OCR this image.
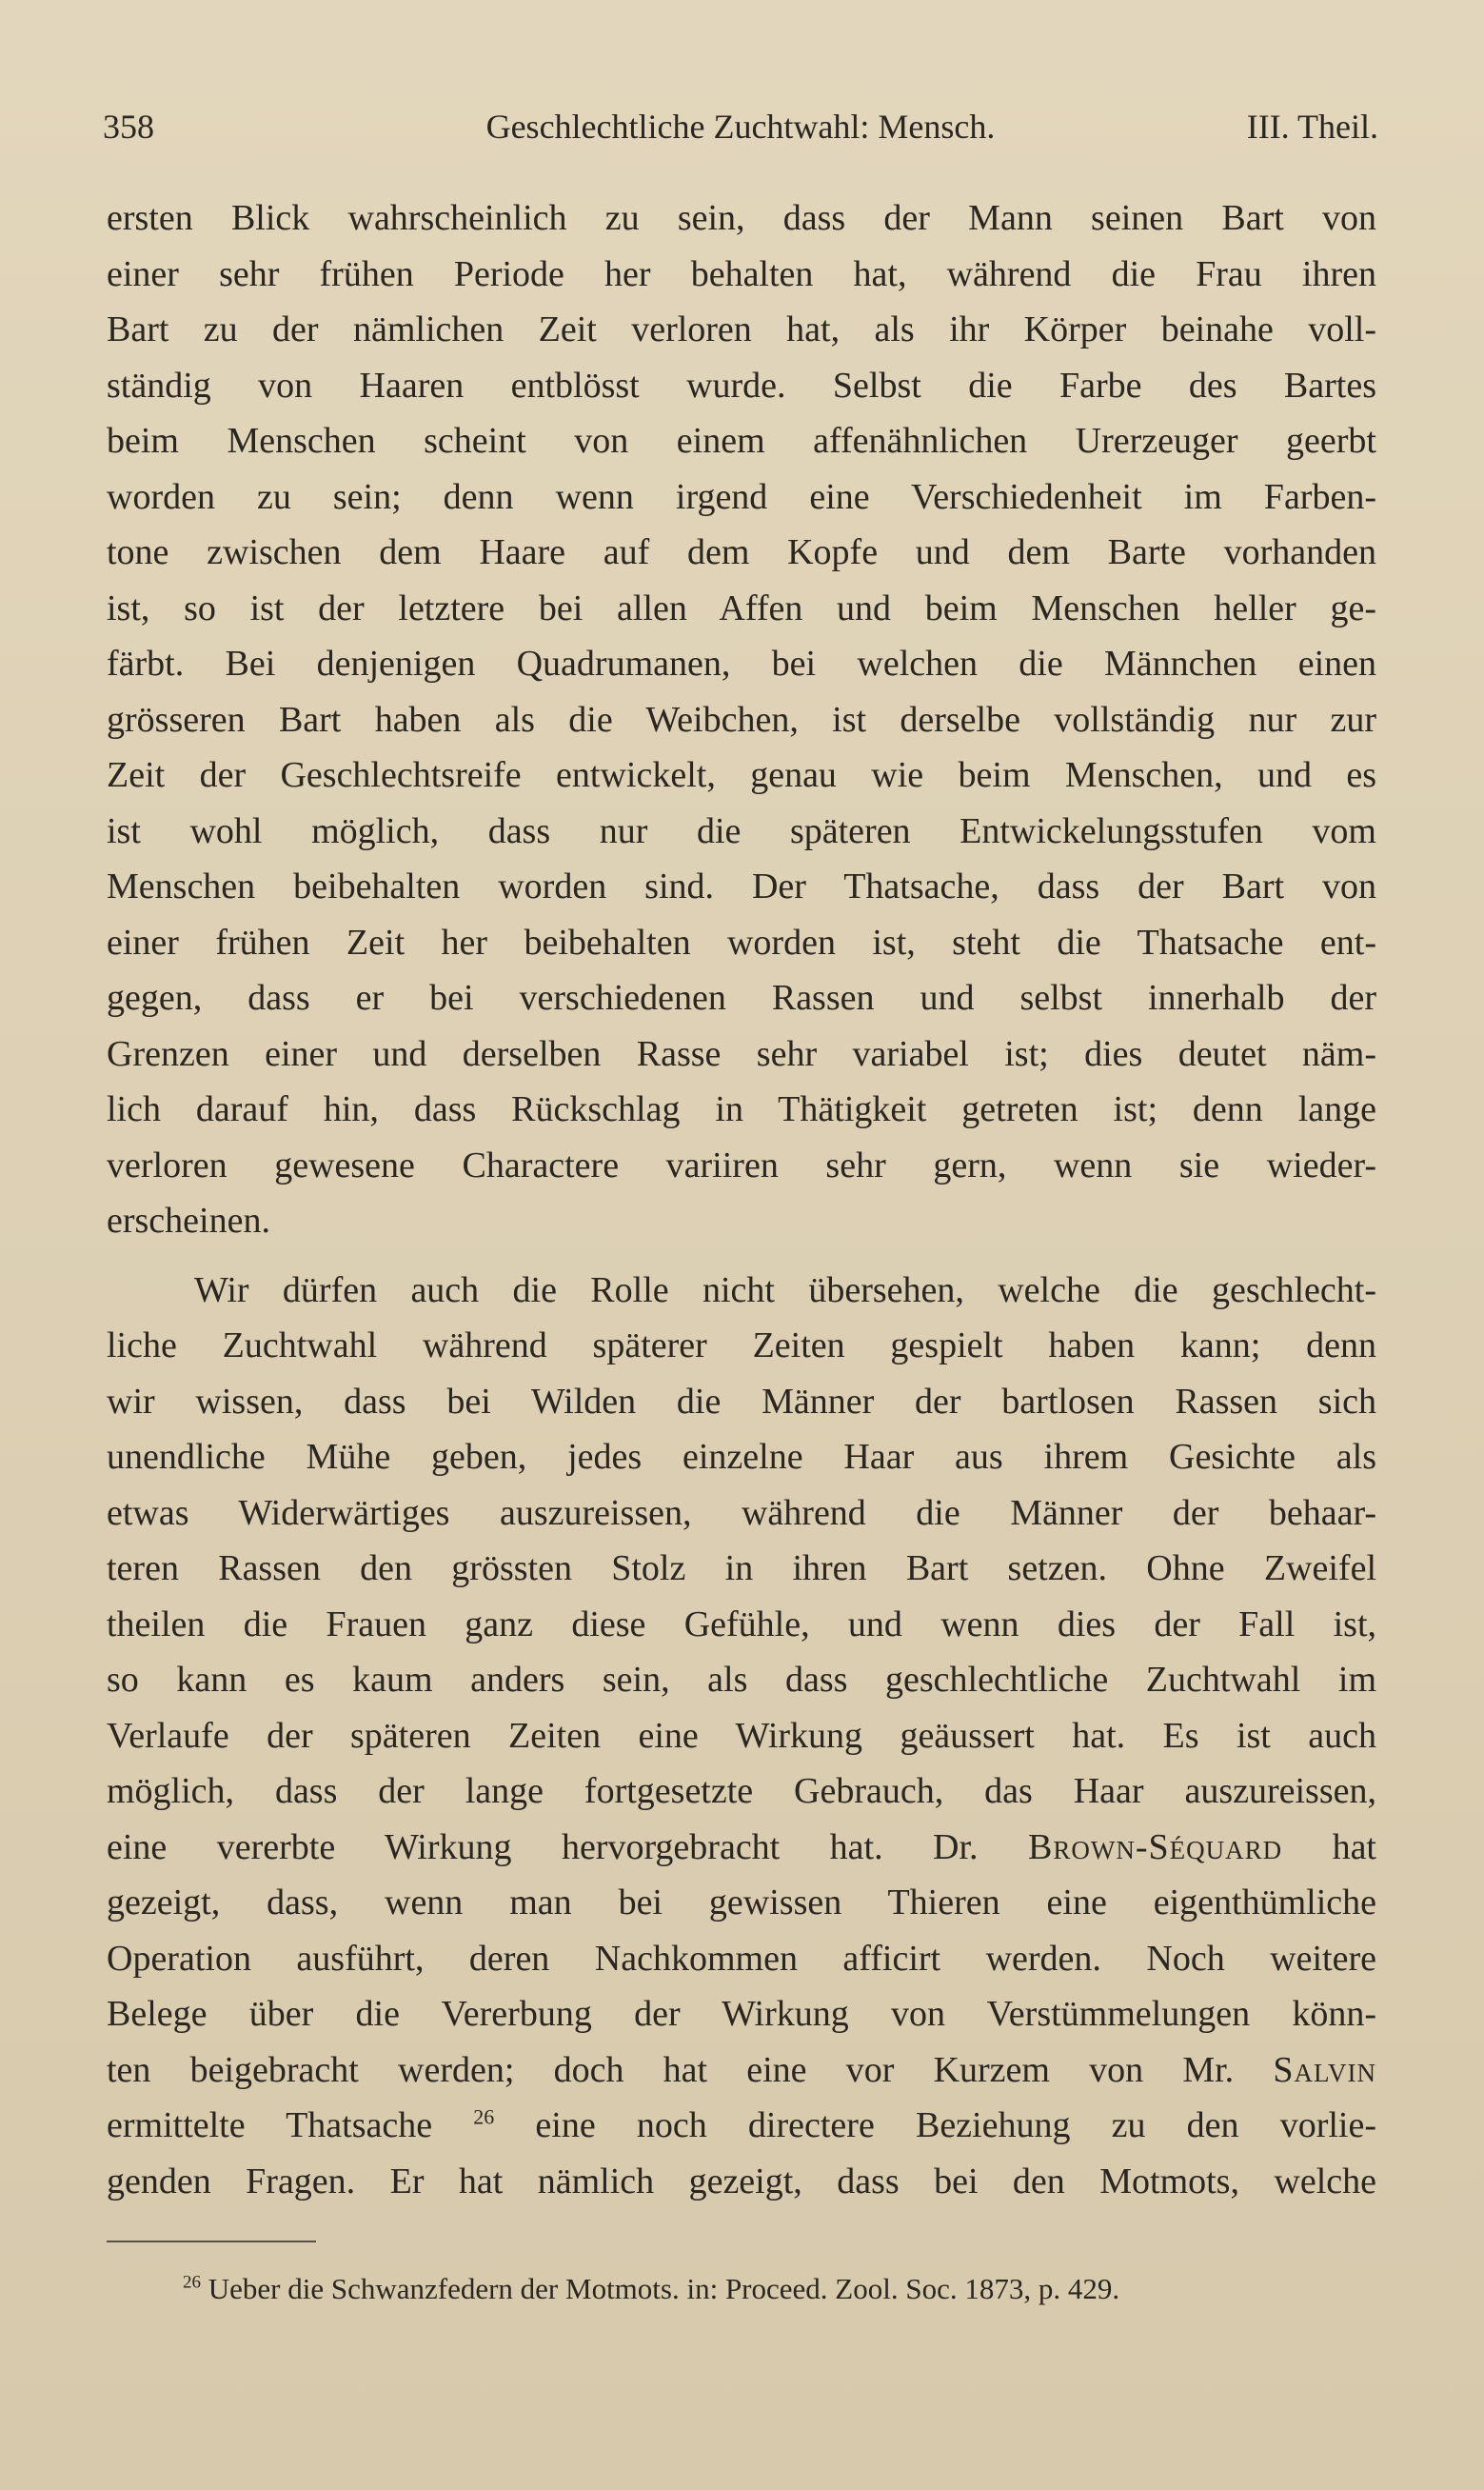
358	Geschlechtliche Zuchtwahl: Mensch.	III. Theil.
ersten Blick wahrscheinlich zu sein, dass der Mann seinen Bart von
einer sehr frühen Periode her behalten hat, während die Frau ihren
Bart zu der nämlichen Zeit verloren hat, als ihr Körper beinahe voll-
ständig von Haaren entblösst wurde. Selbst die Farbe des Bartes
beim Menschen scheint von einem affenähnlichen Urerzeuger geerbt
worden zu sein; denn wenn irgend eine Verschiedenheit im Farben-
tone zwischen dem Haare auf dem Kopfe und dem Barte vorhanden
ist, so ist der letztere bei allen Affen und beim Menschen heller ge-
färbt. Bei denjenigen Quadrumanen, bei welchen die Männchen einen
grösseren Bart haben als die Weibchen, ist derselbe vollständig nur zur
Zeit der Geschlechtsreife entwickelt, genau wie beim Menschen, und es
ist wohl möglich, dass nur die späteren Entwickelungsstufen vom
Menschen beibehalten worden sind. Der Thatsache, dass der Bart von
einer frühen Zeit her beibehalten worden ist, steht die Thatsache ent-
gegen, dass er bei verschiedenen Rassen und selbst innerhalb der
Grenzen einer und derselben Rasse sehr variabel ist; dies deutet näm-
lich darauf hin, dass Rückschlag in Thätigkeit getreten ist; denn lange
verloren gewesene Charactere variiren sehr gern, wenn sie wieder-
erscheinen.
Wir dürfen auch die Rolle nicht übersehen, welche die geschlecht-
liche Zuchtwahl während späterer Zeiten gespielt haben kann; denn
wir wissen, dass bei Wilden die Männer der bartlosen Rassen sich
unendliche Mühe geben, jedes einzelne Haar aus ihrem Gesichte als
etwas Widerwärtiges auszureissen, während die Männer der behaar-
teren Rassen den grössten Stolz in ihren Bart setzen. Ohne Zweifel
theilen die Frauen ganz diese Gefühle, und wenn dies der Fall ist,
so kann es kaum anders sein, als dass geschlechtliche Zuchtwahl im
Verlaufe der späteren Zeiten eine Wirkung geäussert hat. Es ist auch
möglich, dass der lange fortgesetzte Gebrauch, das Haar auszureissen,
eine vererbte Wirkung hervorgebracht hat. Dr. Brown-Séquard hat
gezeigt, dass, wenn man bei gewissen Thieren eine eigenthümliche
Operation ausführt, deren Nachkommen afficirt werden. Noch weitere
Belege über die Vererbung der Wirkung von Verstümmelungen könn-
ten beigebracht werden; doch hat eine vor Kurzem von Mr. Salvin
ermittelte Thatsache $^{26}$ eine noch directere Beziehung zu den vorlie-
genden Fragen. Er hat nämlich gezeigt, dass bei den Motmots, welche
$^{26}$ Ueber die Schwanzfedern der Motmots. in: Proceed. Zool. Soc. 1873, p. 429.
